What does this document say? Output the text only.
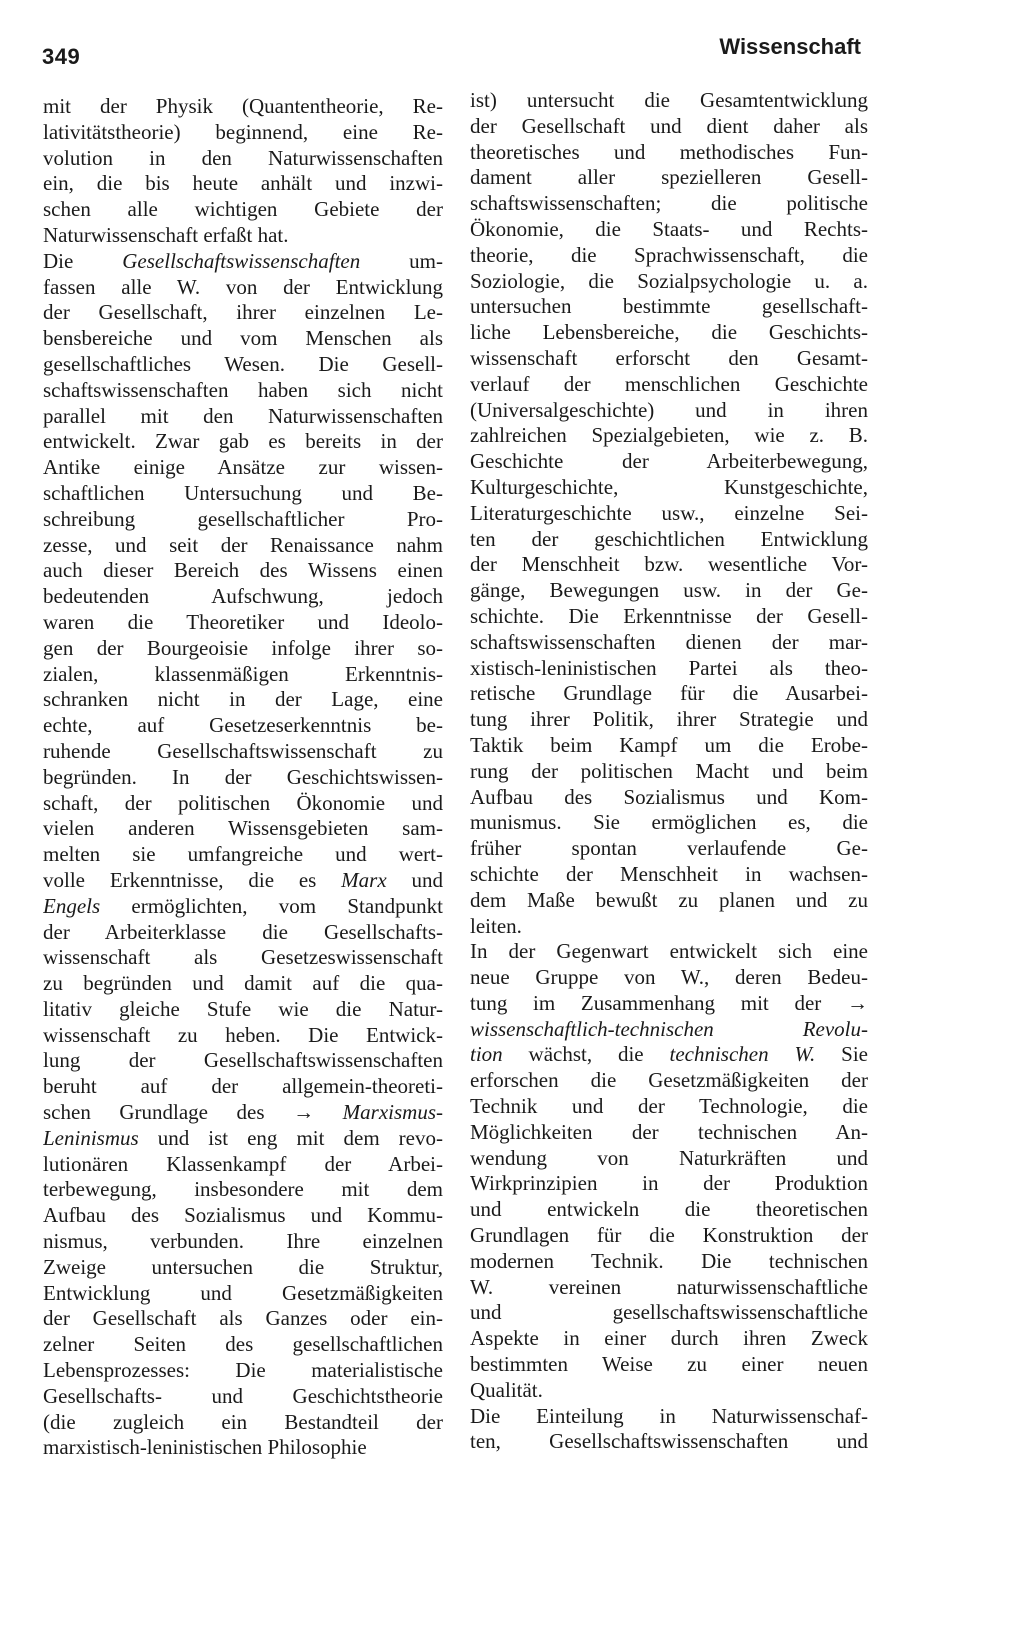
349	Wissenschaft
mit der Physik (Quantentheorie, Re-
lativitätstheorie) beginnend, eine Re-
volution in den Naturwissenschaften
ein, die bis heute anhält und inzwi-
schen alle wichtigen Gebiete der
Naturwissenschaft erfaßt hat.
Die Gesellschaftswissenschaften um-
fassen alle W. von der Entwicklung
der Gesellschaft, ihrer einzelnen Le-
bensbereiche und vom Menschen als
gesellschaftliches Wesen. Die Gesell-
schaftswissenschaften haben sich nicht
parallel mit den Naturwissenschaften
entwickelt. Zwar gab es bereits in der
Antike einige Ansätze zur wissen-
schaftlichen Untersuchung und Be-
schreibung gesellschaftlicher Pro-
zesse, und seit der Renaissance nahm
auch dieser Bereich des Wissens einen
bedeutenden Aufschwung, jedoch
waren die Theoretiker und Ideolo-
gen der Bourgeoisie infolge ihrer so-
zialen, klassenmäßigen Erkenntnis-
schranken nicht in der Lage, eine
echte, auf Gesetzeserkenntnis be-
ruhende Gesellschaftswissenschaft zu
begründen. In der Geschichtswissen-
schaft, der politischen Ökonomie und
vielen anderen Wissensgebieten sam-
melten sie umfangreiche und wert-
volle Erkenntnisse, die es Marx und
Engels ermöglichten, vom Standpunkt
der Arbeiterklasse die Gesellschafts-
wissenschaft als Gesetzeswissenschaft
zu begründen und damit auf die qua-
litativ gleiche Stufe wie die Natur-
wissenschaft zu heben. Die Entwick-
lung der Gesellschaftswissenschaften
beruht auf der allgemein-theoreti-
schen Grundlage des → Marxismus-
Leninismus und ist eng mit dem revo-
lutionären Klassenkampf der Arbei-
terbewegung, insbesondere mit dem
Aufbau des Sozialismus und Kommu-
nismus, verbunden. Ihre einzelnen
Zweige untersuchen die Struktur,
Entwicklung und Gesetzmäßigkeiten
der Gesellschaft als Ganzes oder ein-
zelner Seiten des gesellschaftlichen
Lebensprozesses: Die materialistische
Gesellschafts- und Geschichtstheorie
(die zugleich ein Bestandteil der
marxistisch-leninistischen Philosophie
ist) untersucht die Gesamtentwicklung
der Gesellschaft und dient daher als
theoretisches und methodisches Fun-
dament aller spezielleren Gesell-
schaftswissenschaften; die politische
Ökonomie, die Staats- und Rechts-
theorie, die Sprachwissenschaft, die
Soziologie, die Sozialpsychologie u. a.
untersuchen bestimmte gesellschaft-
liche Lebensbereiche, die Geschichts-
wissenschaft erforscht den Gesamt-
verlauf der menschlichen Geschichte
(Universalgeschichte) und in ihren
zahlreichen Spezialgebieten, wie z. B.
Geschichte der Arbeiterbewegung,
Kulturgeschichte, Kunstgeschichte,
Literaturgeschichte usw., einzelne Sei-
ten der geschichtlichen Entwicklung
der Menschheit bzw. wesentliche Vor-
gänge, Bewegungen usw. in der Ge-
schichte. Die Erkenntnisse der Gesell-
schaftswissenschaften dienen der mar-
xistisch-leninistischen Partei als theo-
retische Grundlage für die Ausarbei-
tung ihrer Politik, ihrer Strategie und
Taktik beim Kampf um die Erobe-
rung der politischen Macht und beim
Aufbau des Sozialismus und Kom-
munismus. Sie ermöglichen es, die
früher spontan verlaufende Ge-
schichte der Menschheit in wachsen-
dem Maße bewußt zu planen und zu
leiten.
In der Gegenwart entwickelt sich eine
neue Gruppe von W., deren Bedeu-
tung im Zusammenhang mit der →
wissenschaftlich-technischen Revolu-
tion wächst, die technischen W. Sie
erforschen die Gesetzmäßigkeiten der
Technik und der Technologie, die
Möglichkeiten der technischen An-
wendung von Naturkräften und
Wirkprinzipien in der Produktion
und entwickeln die theoretischen
Grundlagen für die Konstruktion der
modernen Technik. Die technischen
W. vereinen naturwissenschaftliche
und gesellschaftswissenschaftliche
Aspekte in einer durch ihren Zweck
bestimmten Weise zu einer neuen
Qualität.
Die Einteilung in Naturwissenschaf-
ten, Gesellschaftswissenschaften und
